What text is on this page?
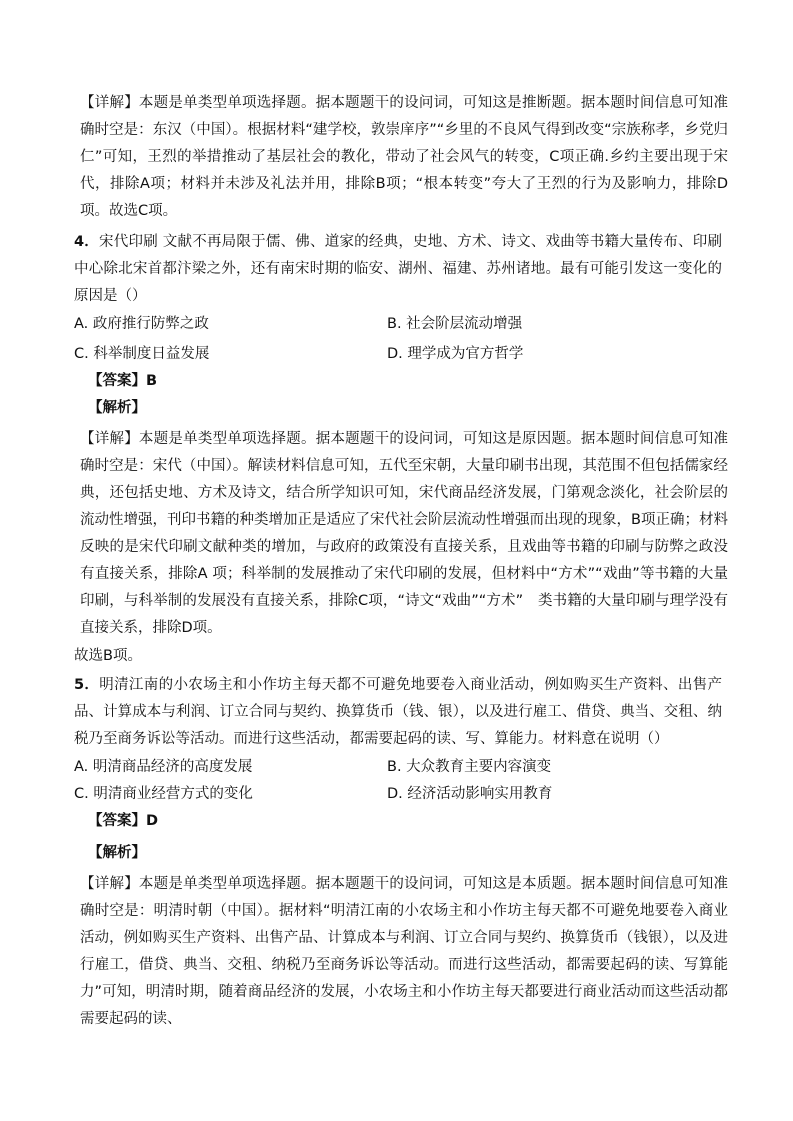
【详解】本题是单类型单项选择题。据本题题干的设问词，可知这是推断题。据本题时间信息可知准确时空是：东汉（中国）。根据材料“建学校，敦崇庠序”“乡里的不良风气得到改变“宗族称孝，乡党归仁”可知，王烈的举措推动了基层社会的教化，带动了社会风气的转变，C项正确.乡约主要出现于宋代，排除A项；材料并未涉及礼法并用，排除B项；“根本转变”夸大了王烈的行为及影响力，排除D项。故选C项。

4．宋代印刷 文献不再局限于儒、佛、道家的经典，史地、方术、诗文、戏曲等书籍大量传布、印刷中心除北宋首都汴梁之外，还有南宋时期的临安、湖州、福建、苏州诸地。最有可能引发这一变化的原因是（）

A. 政府推行防弊之政	B. 社会阶层流动增强

C. 科举制度日益发展	D. 理学成为官方哲学

【答案】B

【解析】

【详解】本题是单类型单项选择题。据本题题干的设问词，可知这是原因题。据本题时间信息可知准确时空是：宋代（中国）。解读材料信息可知，五代至宋朝，大量印刷书出现，其范围不但包括儒家经典，还包括史地、方术及诗文，结合所学知识可知，宋代商品经济发展，门第观念淡化，社会阶层的流动性增强，刊印书籍的种类增加正是适应了宋代社会阶层流动性增强而出现的现象，B项正确；材料反映的是宋代印刷文献种类的增加，与政府的政策没有直接关系，且戏曲等书籍的印刷与防弊之政没有直接关系，排除A 项；科举制的发展推动了宋代印刷的发展，但材料中“方术”“戏曲”等书籍的大量印刷，与科举制的发展没有直接关系，排除C项，“诗文“戏曲”“方术”　类书籍的大量印刷与理学没有直接关系，排除D项。

故选B项。

5．明清江南的小农场主和小作坊主每天都不可避免地要卷入商业活动，例如购买生产资料、出售产品、计算成本与利润、订立合同与契约、换算货币（钱、银），以及进行雇工、借贷、典当、交租、纳税乃至商务诉讼等活动。而进行这些活动，都需要起码的读、写、算能力。材料意在说明（）

A. 明清商品经济的高度发展	B. 大众教育主要内容演变

C. 明清商业经营方式的变化	D. 经济活动影响实用教育

【答案】D

【解析】

【详解】本题是单类型单项选择题。据本题题干的设问词，可知这是本质题。据本题时间信息可知准确时空是：明清时朝（中国）。据材料“明清江南的小农场主和小作坊主每天都不可避免地要卷入商业活动，例如购买生产资料、出售产品、计算成本与利润、订立合同与契约、换算货币（钱银），以及进行雇工，借贷、典当、交租、纳税乃至商务诉讼等活动。而进行这些活动，都需要起码的读、写算能力”可知，明清时期，随着商品经济的发展，小农场主和小作坊主每天都要进行商业活动而这些活动都需要起码的读、
